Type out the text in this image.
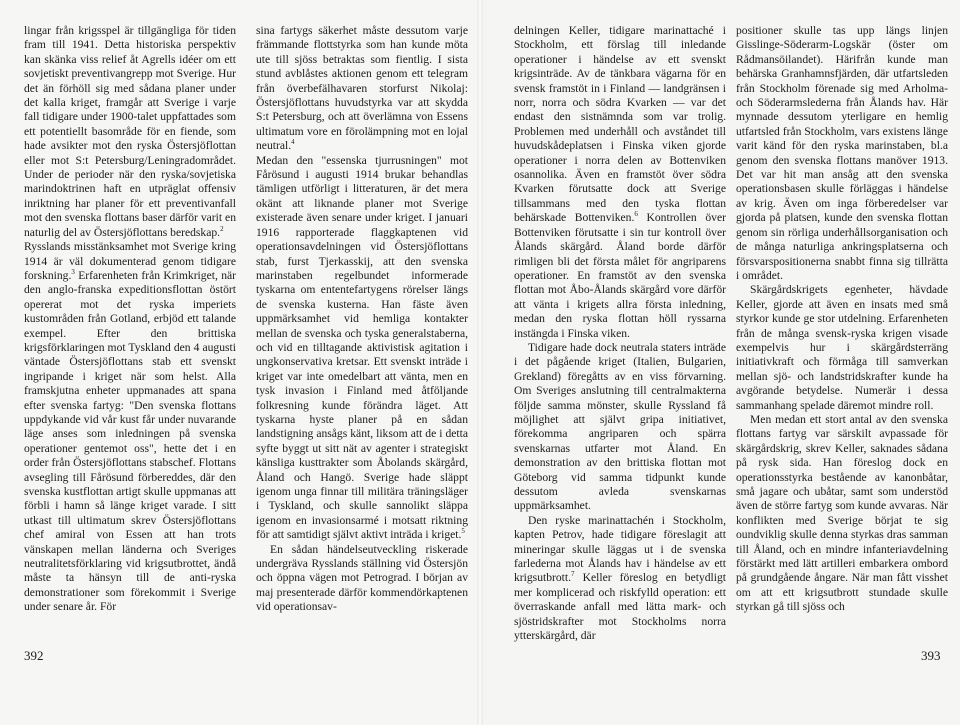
lingar från krigsspel är tillgängliga för tiden fram till 1941. Detta historiska perspektiv kan skänka viss relief åt Agrells idéer om ett sovjetiskt preventivangrepp mot Sverige. Hur det än förhöll sig med sådana planer under det kalla kriget, framgår att Sverige i varje fall tidigare under 1900-talet uppfattades som ett potentiellt basområde för en fiende, som hade avsikter mot den ryska Östersjöflottan eller mot S:t Petersburg/Leningradområdet. Under de perioder när den ryska/sovjetiska marindoktrinen haft en utpräglat offensiv inriktning har planer för ett preventivanfall mot den svenska flottans baser därför varit en naturlig del av Östersjöflottans beredskap.$^2$

Rysslands misstänksamhet mot Sverige kring 1914 är väl dokumenterad genom tidigare forskning.$^3$ Erfarenheten från Krimkriget, när den anglo-franska expeditionsflottan östört opererat mot det ryska imperiets kustområden från Gotland, erbjöd ett talande exempel. Efter den brittiska krigsförklaringen mot Tyskland den 4 augusti väntade Östersjöflottans stab ett svenskt ingripande i kriget när som helst. Alla framskjutna enheter uppmanades att spana efter svenska fartyg: "Den svenska flottans uppdykande vid vår kust får under nuvarande läge anses som inledningen på svenska operationer gentemot oss", hette det i en order från Östersjöflottans stabschef. Flottans avsegling till Fårösund förbereddes, där den svenska kustflottan artigt skulle uppmanas att förbli i hamn så länge kriget varade. I sitt utkast till ultimatum skrev Östersjöflottans chef amiral von Essen att han trots vänskapen mellan länderna och Sveriges neutralitetsförklaring vid krigsutbrottet, ändå måste ta hänsyn till de anti-ryska demonstrationer som förekommit i Sverige under senare år. För

sina fartygs säkerhet måste dessutom varje främmande flottstyrka som han kunde möta ute till sjöss betraktas som fientlig. I sista stund avblåstes aktionen genom ett telegram från överbefälhavaren storfurst Nikolaj: Östersjöflottans huvudstyrka var att skydda S:t Petersburg, och att överlämna von Essens ultimatum vore en förolämpning mot en lojal neutral.$^4$

Medan den "essenska tjurrusningen" mot Fårösund i augusti 1914 brukar behandlas tämligen utförligt i litteraturen, är det mera okänt att liknande planer mot Sverige existerade även senare under kriget. I januari 1916 rapporterade flaggkaptenen vid operationsavdelningen vid Östersjöflottans stab, furst Tjerkasskij, att den svenska marinstaben regelbundet informerade tyskarna om ententefartygens rörelser längs de svenska kusterna. Han fäste även uppmärksamhet vid hemliga kontakter mellan de svenska och tyska generalstaberna, och vid en tilltagande aktivistisk agitation i ungkonservativa kretsar. Ett svenskt inträde i kriget var inte omedelbart att vänta, men en tysk invasion i Finland med åtföljande folkresning kunde förändra läget. Att tyskarna hyste planer på en sådan landstigning ansågs känt, liksom att de i detta syfte byggt ut sitt nät av agenter i strategiskt känsliga kusttrakter som Åbolands skärgård, Åland och Hangö. Sverige hade släppt igenom unga finnar till militära träningsläger i Tyskland, och skulle sannolikt släppa igenom en invasionsarmé i motsatt riktning för att samtidigt självt aktivt inträda i kriget.$^5$

En sådan händelseutveckling riskerade undergräva Rysslands ställning vid Östersjön och öppna vägen mot Petrograd. I början av maj presenterade därför kommendörkaptenen vid operationsav-

delningen Keller, tidigare marinattaché i Stockholm, ett förslag till inledande operationer i händelse av ett svenskt krigsinträde. Av de tänkbara vägarna för en svensk framstöt in i Finland — landgränsen i norr, norra och södra Kvarken — var det endast den sistnämnda som var trolig. Problemen med underhåll och avståndet till huvudskådeplatsen i Finska viken gjorde operationer i norra delen av Bottenviken osannolika. Även en framstöt över södra Kvarken förutsatte dock att Sverige tillsammans med den tyska flottan behärskade Bottenviken.$^6$ Kontrollen över Bottenviken förutsatte i sin tur kontroll över Ålands skärgård. Åland borde därför rimligen bli det första målet för angriparens operationer. En framstöt av den svenska flottan mot Åbo-Ålands skärgård vore därför att vänta i krigets allra första inledning, medan den ryska flottan höll ryssarna instängda i Finska viken.

Tidigare hade dock neutrala staters inträde i det pågående kriget (Italien, Bulgarien, Grekland) föregåtts av en viss förvarning. Om Sveriges anslutning till centralmakterna följde samma mönster, skulle Ryssland få möjlighet att självt gripa initiativet, förekomma angriparen och spärra svenskarnas utfarter mot Åland. En demonstration av den brittiska flottan mot Göteborg vid samma tidpunkt kunde dessutom avleda svenskarnas uppmärksamhet.

Den ryske marinattachén i Stockholm, kapten Petrov, hade tidigare föreslagit att mineringar skulle läggas ut i de svenska farlederna mot Ålands hav i händelse av ett krigsutbrott.$^7$ Keller föreslog en betydligt mer komplicerad och riskfylld operation: ett överraskande anfall med lätta mark- och sjöstridskrafter mot Stockholms norra ytterskärgård, där

positioner skulle tas upp längs linjen Gisslinge-Söderarm-Logskär (öster om Rådmansöilandet). Härifrån kunde man behärska Granhamnsfjärden, där utfartsleden från Stockholm förenade sig med Arholma- och Söderarmslederna från Ålands hav. Här mynnade dessutom yterligare en hemlig utfartsled från Stockholm, vars existens länge varit känd för den ryska marinstaben, bl.a genom den svenska flottans manöver 1913. Det var hit man ansåg att den svenska operationsbasen skulle förläggas i händelse av krig. Även om inga förberedelser var gjorda på platsen, kunde den svenska flottan genom sin rörliga underhållsorganisation och de många naturliga ankringsplatserna och försvarspositionerna snabbt finna sig tillrätta i området.

Skärgårdskrigets egenheter, hävdade Keller, gjorde att även en insats med små styrkor kunde ge stor utdelning. Erfarenheten från de många svensk-ryska krigen visade exempelvis hur i skärgårdsterräng initiativkraft och förmåga till samverkan mellan sjö- och landstridskrafter kunde ha avgörande betydelse. Numerär i dessa sammanhang spelade däremot mindre roll.

Men medan ett stort antal av den svenska flottans fartyg var särskilt avpassade för skärgårdskrig, skrev Keller, saknades sådana på rysk sida. Han föreslog dock en operationsstyrka bestående av kanonbåtar, små jagare och ubåtar, samt som understöd även de större fartyg som kunde avvaras. När konflikten med Sverige börjat te sig oundviklig skulle denna styrkas dras samman till Åland, och en mindre infanteriavdelning förstärkt med lätt artilleri embarkera ombord på grundgående ångare. När man fått visshet om att ett krigsutbrott stundade skulle styrkan gå till sjöss och

392	393
